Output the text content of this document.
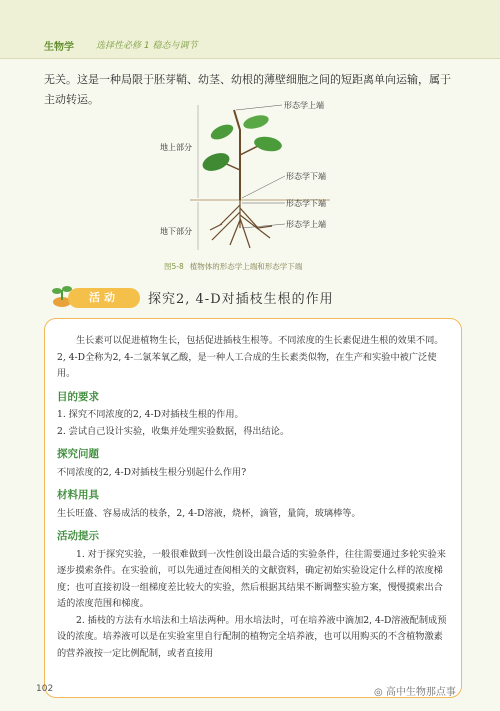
生物学 选择性必修 1 稳态与调节

无关。这是一种局限于胚芽鞘、幼茎、幼根的薄壁细胞之间的短距离单向运输，属于主动转运。	形态学上端
形态学下端
形态学下端
形态学上端
地上部分
地下部分
图5-8 植物体的形态学上端和形态学下端
活动	探究2, 4-D对插枝生根的作用

生长素可以促进植物生长，包括促进插枝生根等。不同浓度的生长素促进生根的效果不同。2, 4-D全称为2, 4-二氯苯氧乙酸，是一种人工合成的生长素类似物，在生产和实验中被广泛使用。

目的要求

1. 探究不同浓度的2, 4-D对插枝生根的作用。

2. 尝试自己设计实验，收集并处理实验数据，得出结论。

探究问题

不同浓度的2, 4-D对插枝生根分别起什么作用?

材料用具

生长旺盛、容易成活的枝条，2, 4-D溶液，烧杯，滴管，量筒，玻璃棒等。

活动提示

1. 对于探究实验，一般很难做到一次性创设出最合适的实验条件，往往需要通过多轮实验来逐步摸索条件。在实验前，可以先通过查阅相关的文献资料，确定初始实验设定什么样的浓度梯度；也可直接初设一组梯度差比较大的实验，然后根据其结果不断调整实验方案，慢慢摸索出合适的浓度范围和梯度。

2. 插枝的方法有水培法和土培法两种。用水培法时，可在培养液中滴加2, 4-D溶液配制成预设的浓度。培养液可以是在实验室里自行配制的植物完全培养液，也可以用购买的不含植物激素的营养液按一定比例配制，或者直接用

102	◎ 高中生物那点事
